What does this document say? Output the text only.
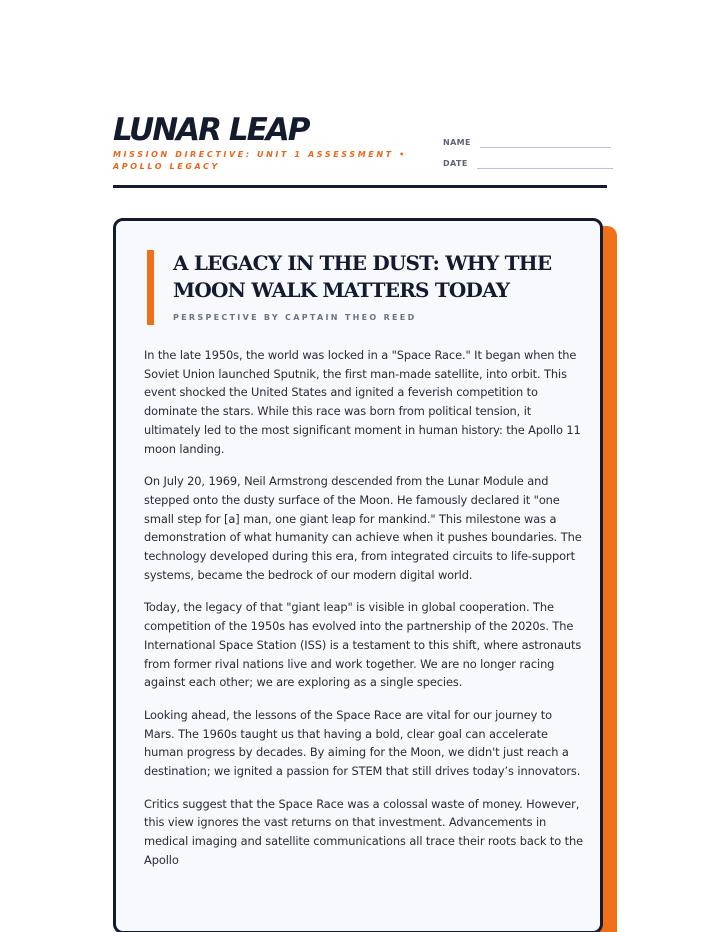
LUNAR LEAP

MISSION DIRECTIVE: UNIT 1 ASSESSMENT • APOLLO LEGACY

NAME
DATE
A LEGACY IN THE DUST: WHY THE MOON WALK MATTERS TODAY

PERSPECTIVE BY CAPTAIN THEO REED

In the late 1950s, the world was locked in a "Space Race." It began when the Soviet Union launched Sputnik, the first man-made satellite, into orbit. This event shocked the United States and ignited a feverish competition to dominate the stars. While this race was born from political tension, it ultimately led to the most significant moment in human history: the Apollo 11 moon landing.

On July 20, 1969, Neil Armstrong descended from the Lunar Module and stepped onto the dusty surface of the Moon. He famously declared it "one small step for [a] man, one giant leap for mankind." This milestone was a demonstration of what humanity can achieve when it pushes boundaries. The technology developed during this era, from integrated circuits to life-support systems, became the bedrock of our modern digital world.

Today, the legacy of that "giant leap" is visible in global cooperation. The competition of the 1950s has evolved into the partnership of the 2020s. The International Space Station (ISS) is a testament to this shift, where astronauts from former rival nations live and work together. We are no longer racing against each other; we are exploring as a single species.

Looking ahead, the lessons of the Space Race are vital for our journey to Mars. The 1960s taught us that having a bold, clear goal can accelerate human progress by decades. By aiming for the Moon, we didn't just reach a destination; we ignited a passion for STEM that still drives today’s innovators.

Critics suggest that the Space Race was a colossal waste of money. However, this view ignores the vast returns on that investment. Advancements in medical imaging and satellite communications all trace their roots back to the Apollo
